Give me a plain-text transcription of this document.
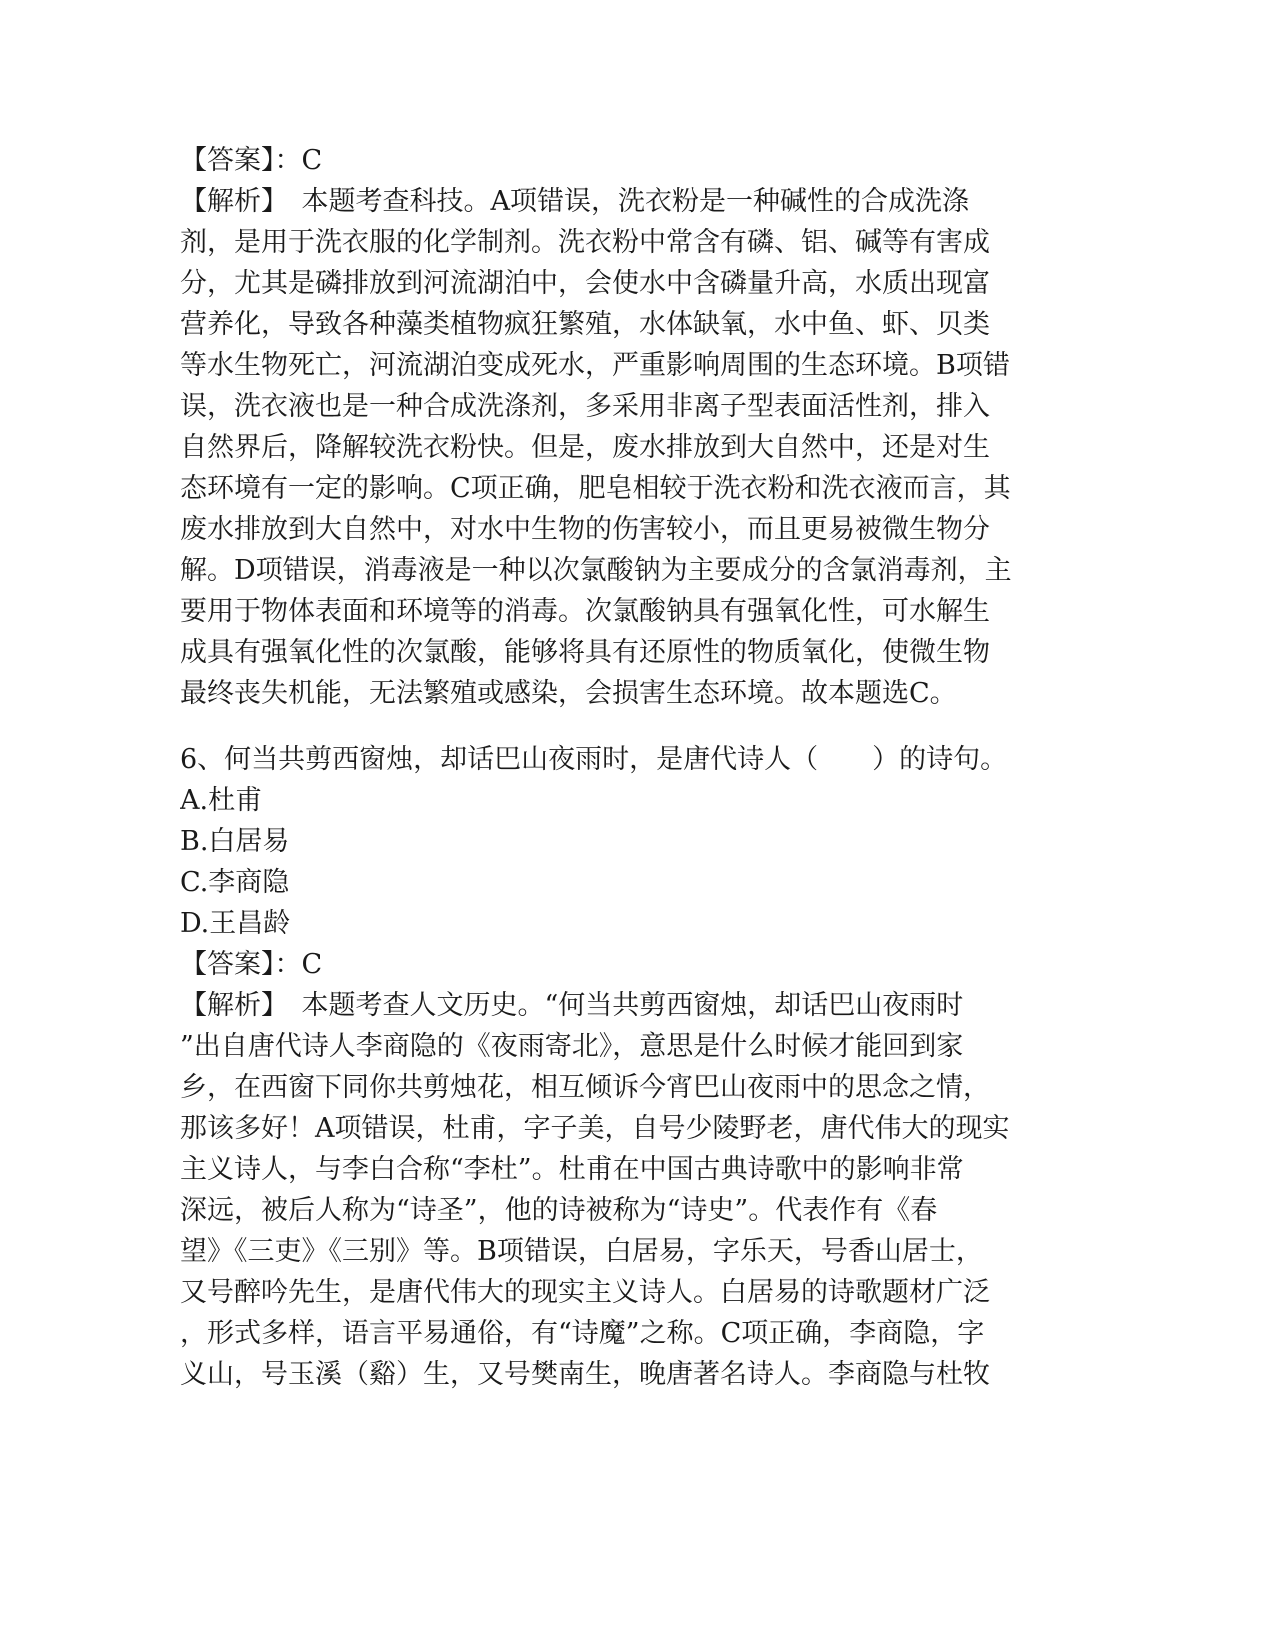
【答案】：C
【解析】　本题考查科技。A项错误，洗衣粉是一种碱性的合成洗涤
剂，是用于洗衣服的化学制剂。洗衣粉中常含有磷、铝、碱等有害成
分，尤其是磷排放到河流湖泊中，会使水中含磷量升高，水质出现富
营养化，导致各种藻类植物疯狂繁殖，水体缺氧，水中鱼、虾、贝类
等水生物死亡，河流湖泊变成死水，严重影响周围的生态环境。B项错
误，洗衣液也是一种合成洗涤剂，多采用非离子型表面活性剂，排入
自然界后，降解较洗衣粉快。但是，废水排放到大自然中，还是对生
态环境有一定的影响。C项正确，肥皂相较于洗衣粉和洗衣液而言，其
废水排放到大自然中，对水中生物的伤害较小，而且更易被微生物分
解。D项错误，消毒液是一种以次氯酸钠为主要成分的含氯消毒剂，主
要用于物体表面和环境等的消毒。次氯酸钠具有强氧化性，可水解生
成具有强氧化性的次氯酸，能够将具有还原性的物质氧化，使微生物
最终丧失机能，无法繁殖或感染，会损害生态环境。故本题选C。
6、何当共剪西窗烛，却话巴山夜雨时，是唐代诗人（　　）的诗句。
A.杜甫
B.白居易
C.李商隐
D.王昌龄
【答案】：C
【解析】　本题考查人文历史。“何当共剪西窗烛，却话巴山夜雨时
”出自唐代诗人李商隐的《夜雨寄北》，意思是什么时候才能回到家
乡，在西窗下同你共剪烛花，相互倾诉今宵巴山夜雨中的思念之情，
那该多好！A项错误，杜甫，字子美，自号少陵野老，唐代伟大的现实
主义诗人，与李白合称“李杜”。杜甫在中国古典诗歌中的影响非常
深远，被后人称为“诗圣”，他的诗被称为“诗史”。代表作有《春
望》《三吏》《三别》等。B项错误，白居易，字乐天，号香山居士，
又号醉吟先生，是唐代伟大的现实主义诗人。白居易的诗歌题材广泛
，形式多样，语言平易通俗，有“诗魔”之称。C项正确，李商隐，字
义山，号玉溪（谿）生，又号樊南生，晚唐著名诗人。李商隐与杜牧
